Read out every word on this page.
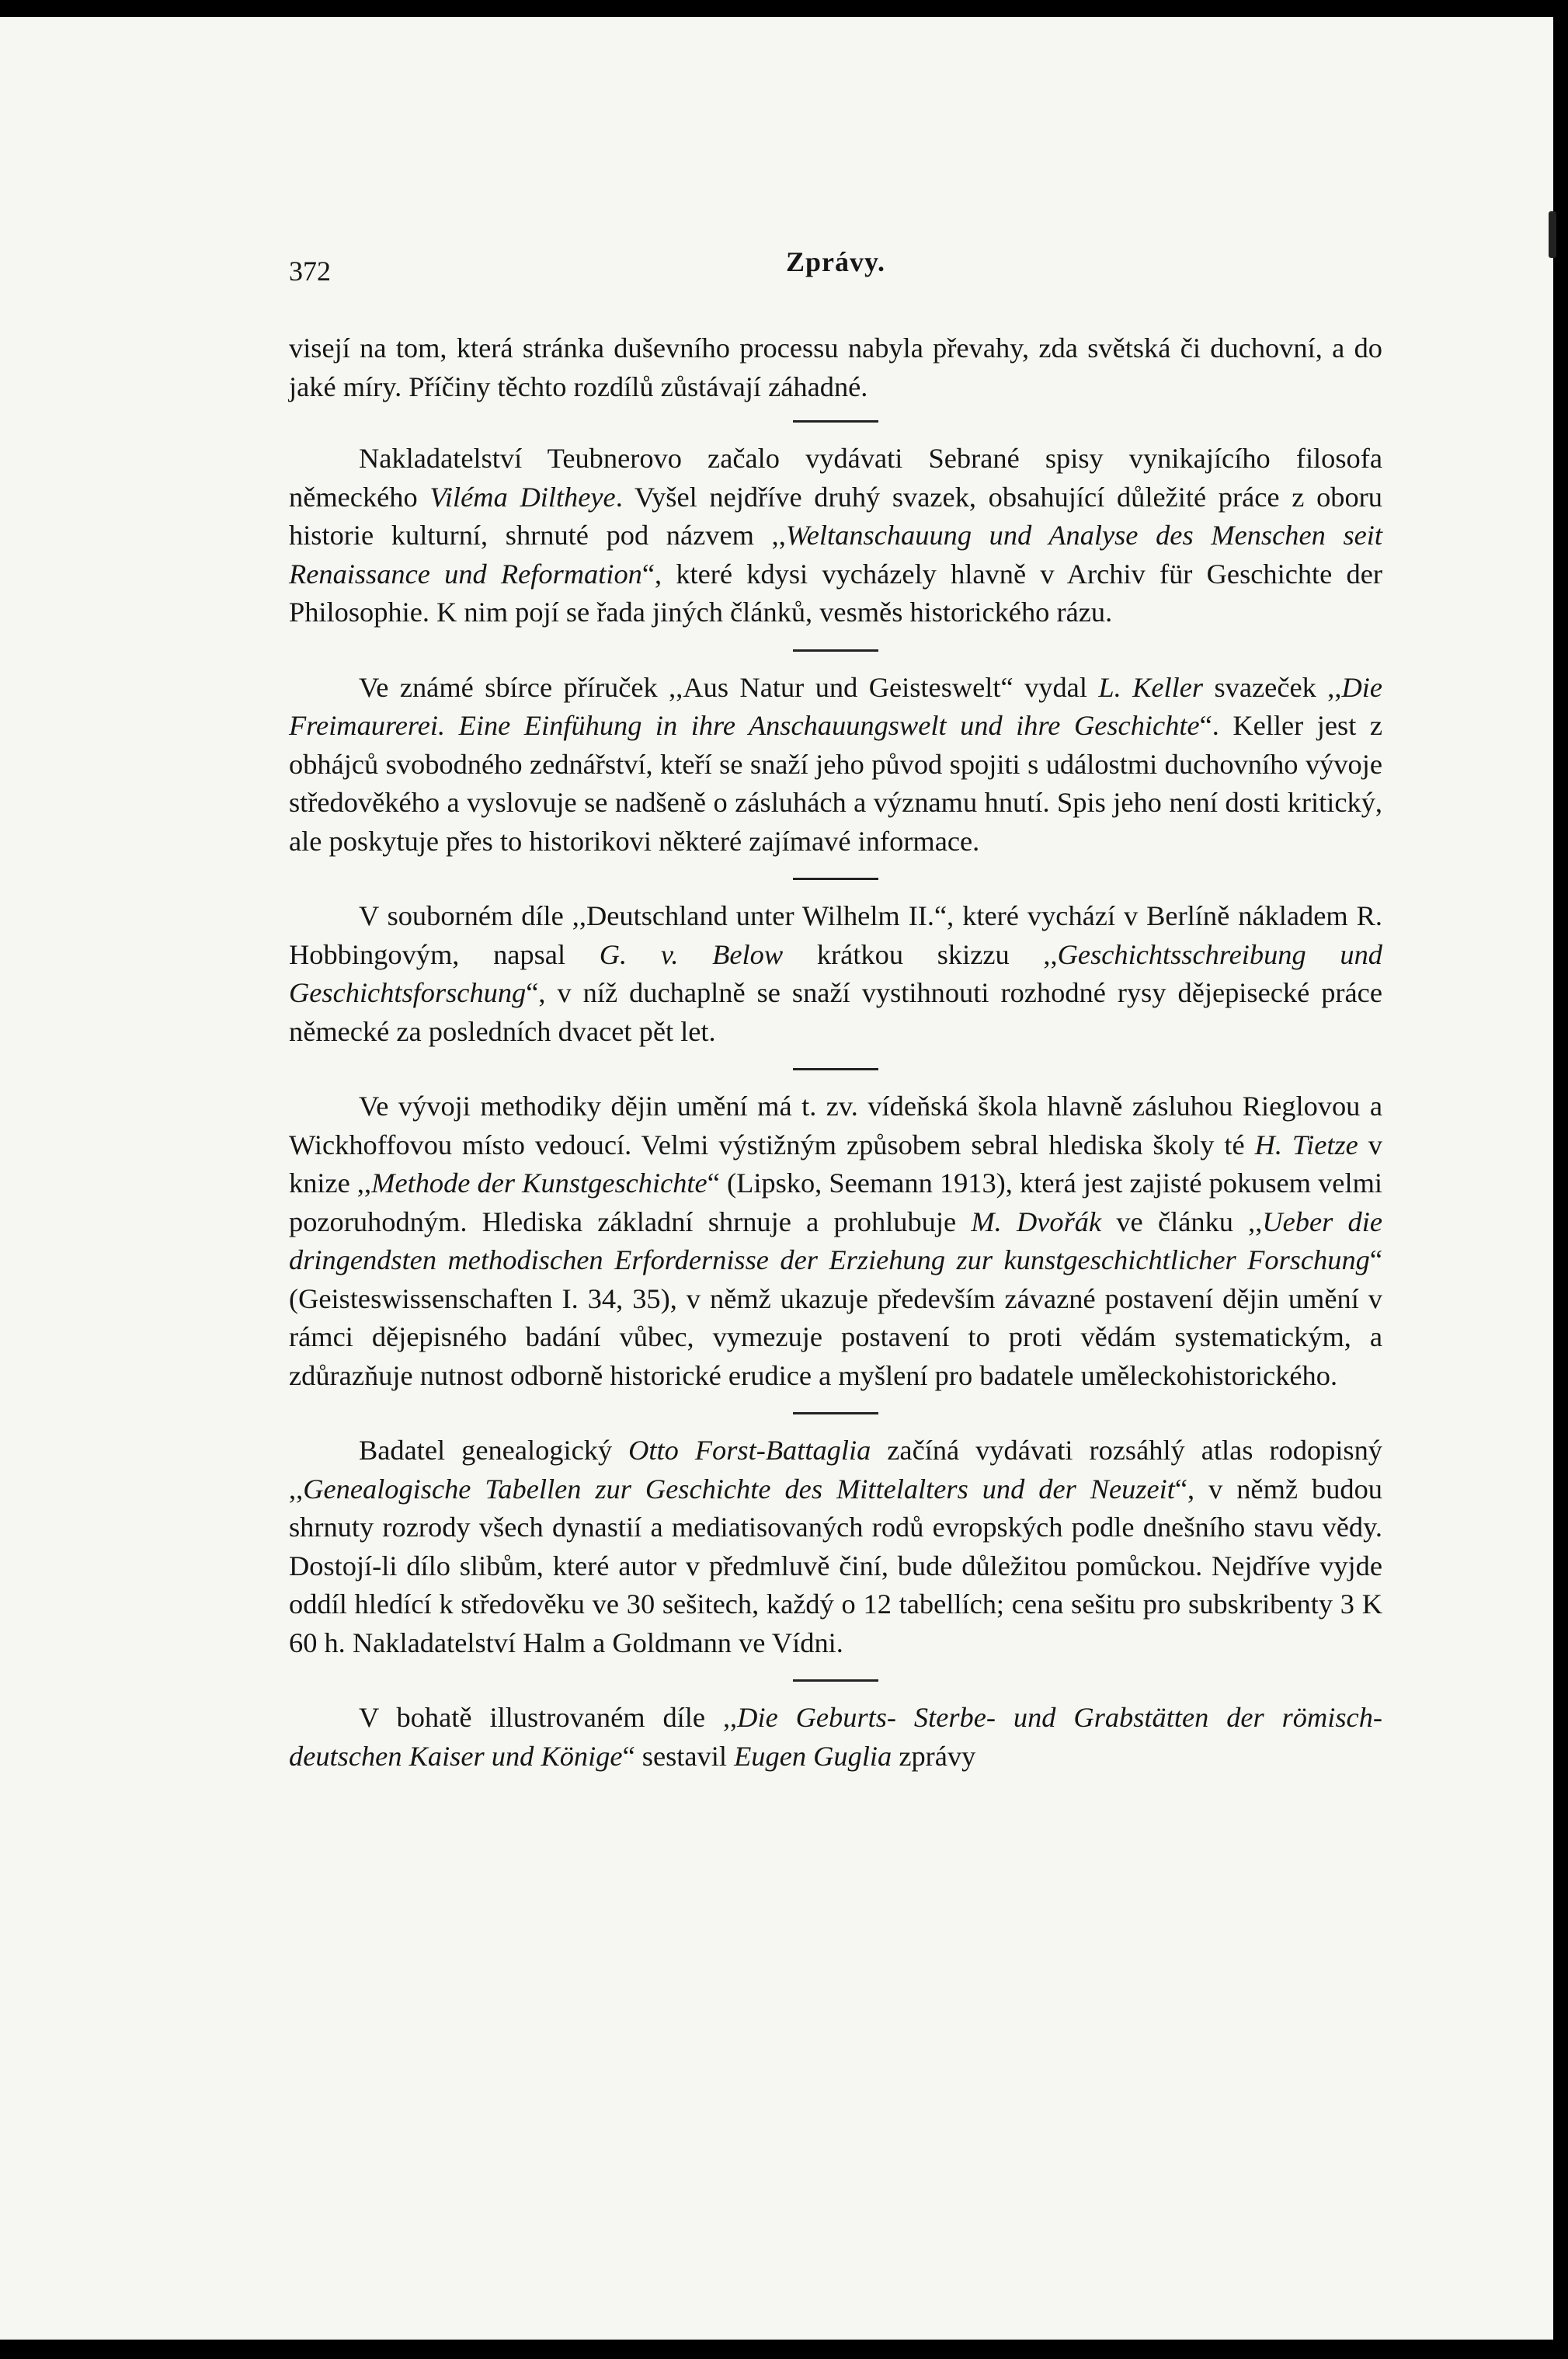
372	Zprávy.

visejí na tom, která stránka duševního processu nabyla převahy, zda světská či duchovní, a do jaké míry. Příčiny těchto rozdílů zůstávají záhadné.

Nakladatelství Teubnerovo začalo vydávati Sebrané spisy vynikajícího filosofa německého Viléma Diltheye. Vyšel nejdříve druhý svazek, obsahující důležité práce z oboru historie kulturní, shrnuté pod názvem ,,Weltanschauung und Analyse des Menschen seit Renaissance und Reformation“, které kdysi vycházely hlavně v Archiv für Geschichte der Philosophie. K nim pojí se řada jiných článků, vesměs historického rázu.

Ve známé sbírce příruček ,,Aus Natur und Geisteswelt“ vydal L. Keller svazeček ,,Die Freimaurerei. Eine Einfühung in ihre Anschauungswelt und ihre Geschichte“. Keller jest z obhájců svobodného zednářství, kteří se snaží jeho původ spojiti s událostmi duchovního vývoje středověkého a vyslovuje se nadšeně o zásluhách a významu hnutí. Spis jeho není dosti kritický, ale poskytuje přes to historikovi některé zajímavé informace.

V souborném díle ,,Deutschland unter Wilhelm II.“, které vychází v Berlíně nákladem R. Hobbingovým, napsal G. v. Below krátkou skizzu ,,Geschichtsschreibung und Geschichtsforschung“, v níž duchaplně se snaží vystihnouti rozhodné rysy dějepisecké práce německé za posledních dvacet pět let.

Ve vývoji methodiky dějin umění má t. zv. vídeňská škola hlavně zásluhou Rieglovou a Wickhoffovou místo vedoucí. Velmi výstižným způsobem sebral hlediska školy té H. Tietze v knize ,,Methode der Kunstgeschichte“ (Lipsko, Seemann 1913), která jest zajisté pokusem velmi pozoruhodným. Hlediska základní shrnuje a prohlubuje M. Dvořák ve článku ,,Ueber die dringendsten methodischen Erfordernisse der Erziehung zur kunstgeschichtlicher Forschung“ (Geisteswissenschaften I. 34, 35), v němž ukazuje především závazné postavení dějin umění v rámci dějepisného badání vůbec, vymezuje postavení to proti vědám systematickým, a zdůrazňuje nutnost odborně historické erudice a myšlení pro badatele uměleckohistorického.

Badatel genealogický Otto Forst-Battaglia začíná vydávati rozsáhlý atlas rodopisný ,,Genealogische Tabellen zur Geschichte des Mittelalters und der Neuzeit“, v němž budou shrnuty rozrody všech dynastií a mediatisovaných rodů evropských podle dnešního stavu vědy. Dostojí-li dílo slibům, které autor v předmluvě činí, bude důležitou pomůckou. Nejdříve vyjde oddíl hledící k středověku ve 30 sešitech, každý o 12 tabellích; cena sešitu pro subskribenty 3 K 60 h. Nakladatelství Halm a Goldmann ve Vídni.

V bohatě illustrovaném díle ,,Die Geburts- Sterbe- und Grabstätten der römisch-deutschen Kaiser und Könige“ sestavil Eugen Guglia zprávy
